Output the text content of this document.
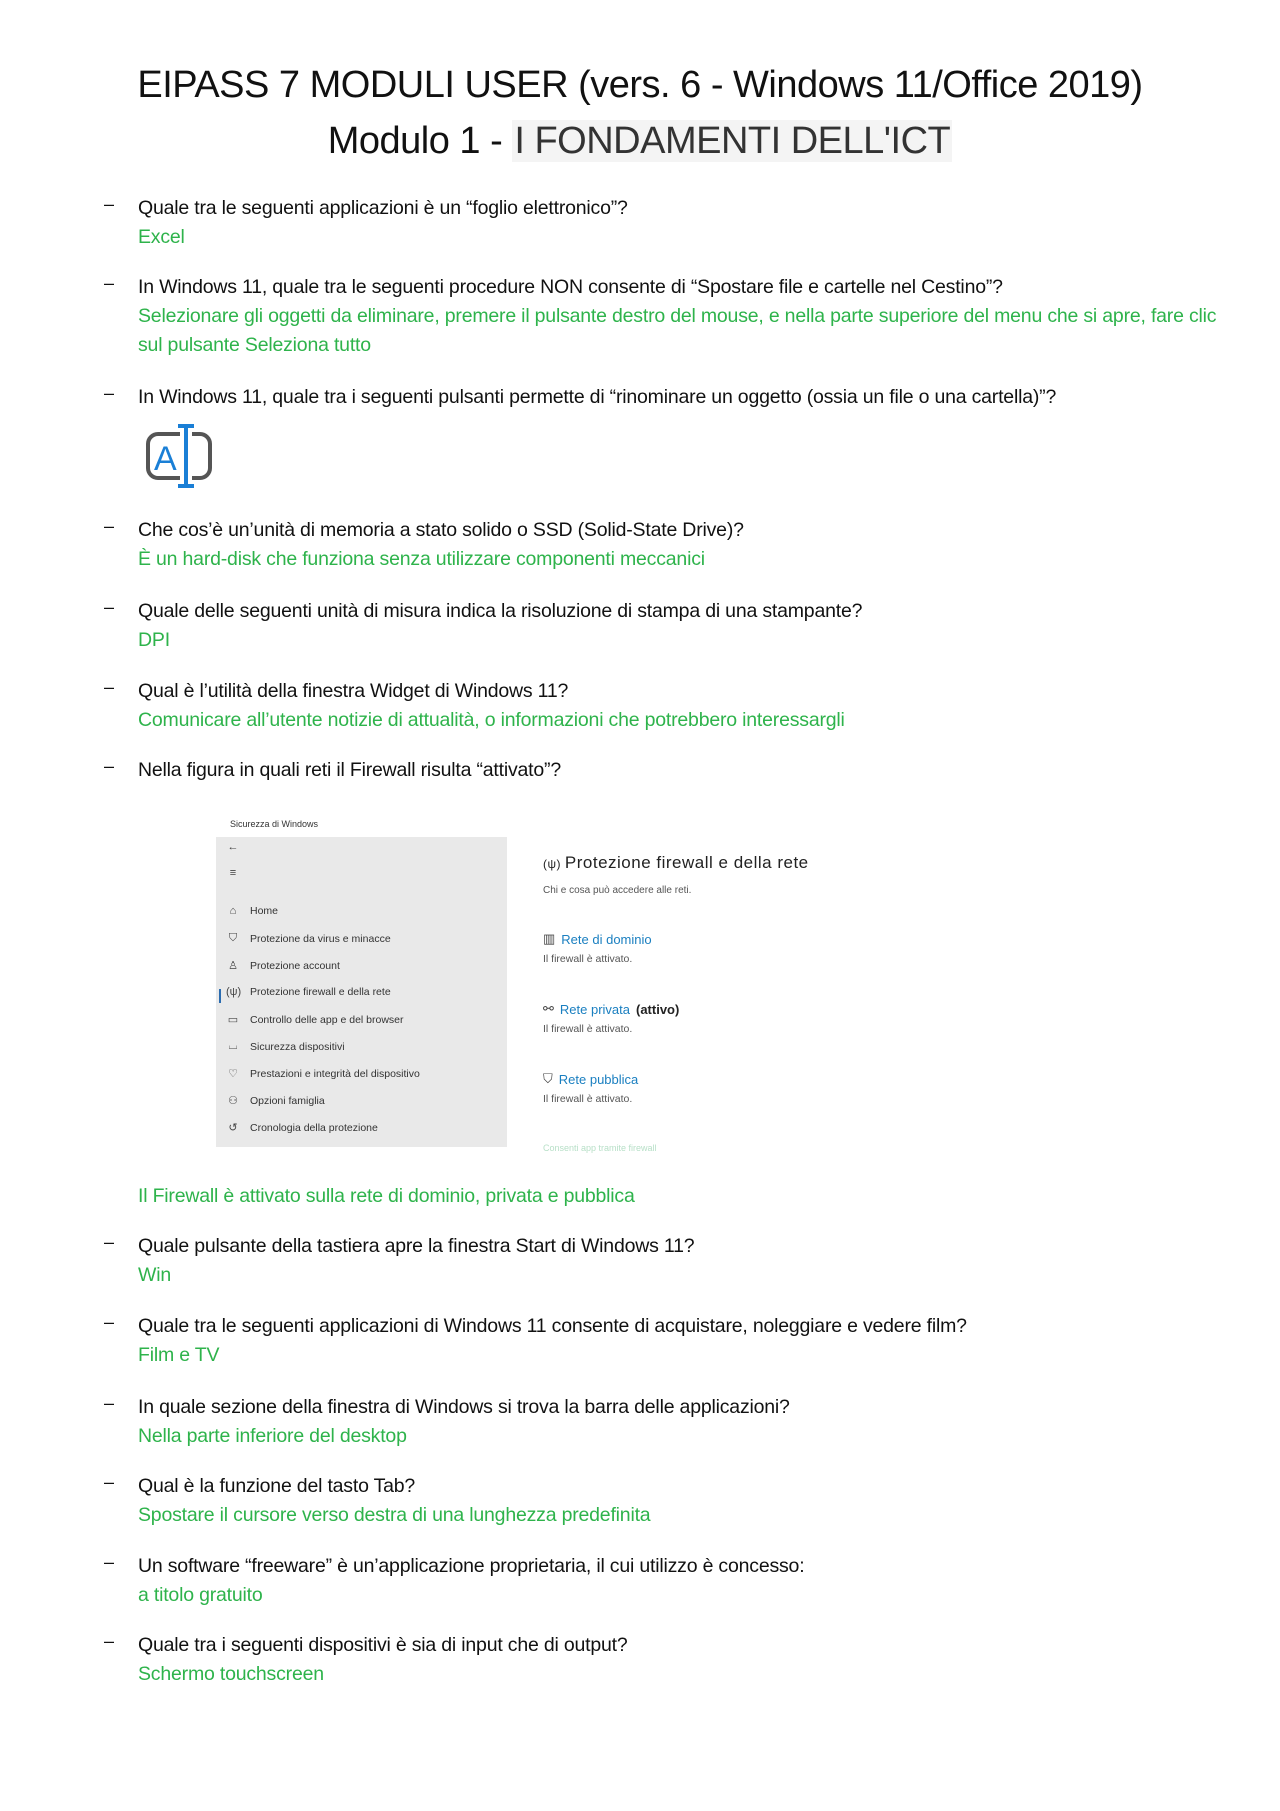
EIPASS 7 MODULI USER (vers. 6 - Windows 11/Office 2019)
Modulo 1 - I FONDAMENTI DELL'ICT
– Quale tra le seguenti applicazioni è un “foglio elettronico”?
Excel
– In Windows 11, quale tra le seguenti procedure NON consente di “Spostare file e cartelle nel Cestino”?
Selezionare gli oggetti da eliminare, premere il pulsante destro del mouse, e nella parte superiore del menu che si apre, fare clic sul pulsante Seleziona tutto
– In Windows 11, quale tra i seguenti pulsanti permette di “rinominare un oggetto (ossia un file o una cartella)”?
A
– Che cos’è un’unità di memoria a stato solido o SSD (Solid-State Drive)?
È un hard-disk che funziona senza utilizzare componenti meccanici
– Quale delle seguenti unità di misura indica la risoluzione di stampa di una stampante?
DPI
– Qual è l’utilità della finestra Widget di Windows 11?
Comunicare all’utente notizie di attualità, o informazioni che potrebbero interessargli
– Nella figura in quali reti il Firewall risulta “attivato”?
Sicurezza di Windows
←
≡
⌂	Home
⛉ Protezione da virus e minacce
♙ Protezione account
(ψ) Protezione firewall e della rete
▭ Controllo delle app e del browser
⌴ Sicurezza dispositivi
♡ Prestazioni e integrità del dispositivo
⚇ Opzioni famiglia
↺ Cronologia della protezione
(ψ) Protezione firewall e della rete
Chi e cosa può accedere alle reti.
▥ Rete di dominio
Il firewall è attivato.
⚯ Rete privata (attivo)
Il firewall è attivato.
⛉ Rete pubblica
Il firewall è attivato.
Consenti app tramite firewall
Il Firewall è attivato sulla rete di dominio, privata e pubblica
– Quale pulsante della tastiera apre la finestra Start di Windows 11?
Win
– Quale tra le seguenti applicazioni di Windows 11 consente di acquistare, noleggiare e vedere film?
Film e TV
– In quale sezione della finestra di Windows si trova la barra delle applicazioni?
Nella parte inferiore del desktop
– Qual è la funzione del tasto Tab?
Spostare il cursore verso destra di una lunghezza predefinita
– Un software “freeware” è un’applicazione proprietaria, il cui utilizzo è concesso:
a titolo gratuito
– Quale tra i seguenti dispositivi è sia di input che di output?
Schermo touchscreen
